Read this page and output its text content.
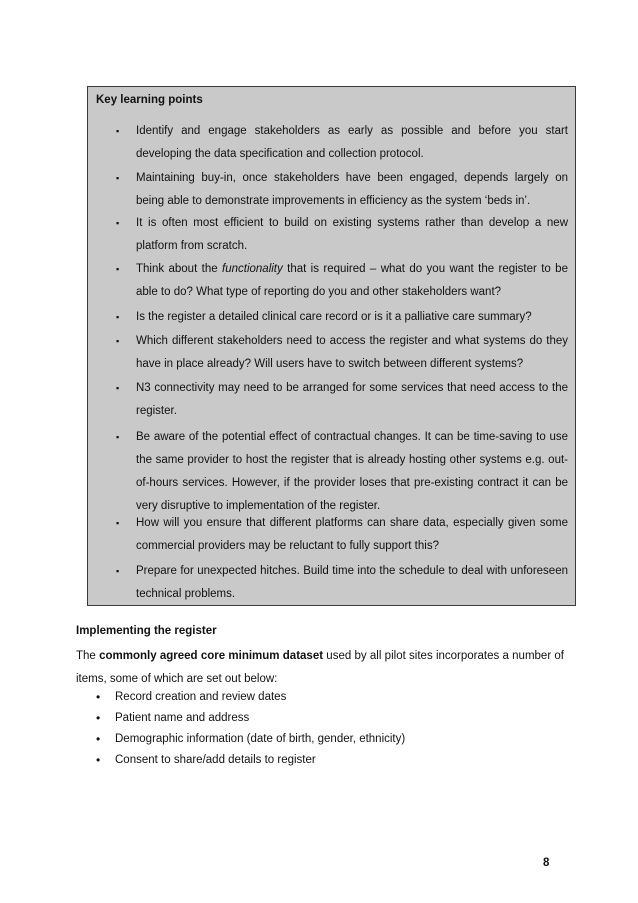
Key learning points
▪ Identify and engage stakeholders as early as possible and before you start developing the data specification and collection protocol.
▪ Maintaining buy-in, once stakeholders have been engaged, depends largely on being able to demonstrate improvements in efficiency as the system ‘beds in’.
▪ It is often most efficient to build on existing systems rather than develop a new platform from scratch.
▪ Think about the functionality that is required – what do you want the register to be able to do? What type of reporting do you and other stakeholders want?
▪ Is the register a detailed clinical care record or is it a palliative care summary?
▪ Which different stakeholders need to access the register and what systems do they have in place already? Will users have to switch between different systems?
▪ N3 connectivity may need to be arranged for some services that need access to the register.
▪ Be aware of the potential effect of contractual changes. It can be time-saving to use the same provider to host the register that is already hosting other systems e.g. out-of-hours services. However, if the provider loses that pre-existing contract it can be very disruptive to implementation of the register.
▪ How will you ensure that different platforms can share data, especially given some commercial providers may be reluctant to fully support this?
▪ Prepare for unexpected hitches. Build time into the schedule to deal with unforeseen technical problems.
Implementing the register
The commonly agreed core minimum dataset used by all pilot sites incorporates a number of items, some of which are set out below:
• Record creation and review dates
• Patient name and address
• Demographic information (date of birth, gender, ethnicity)
• Consent to share/add details to register
8
